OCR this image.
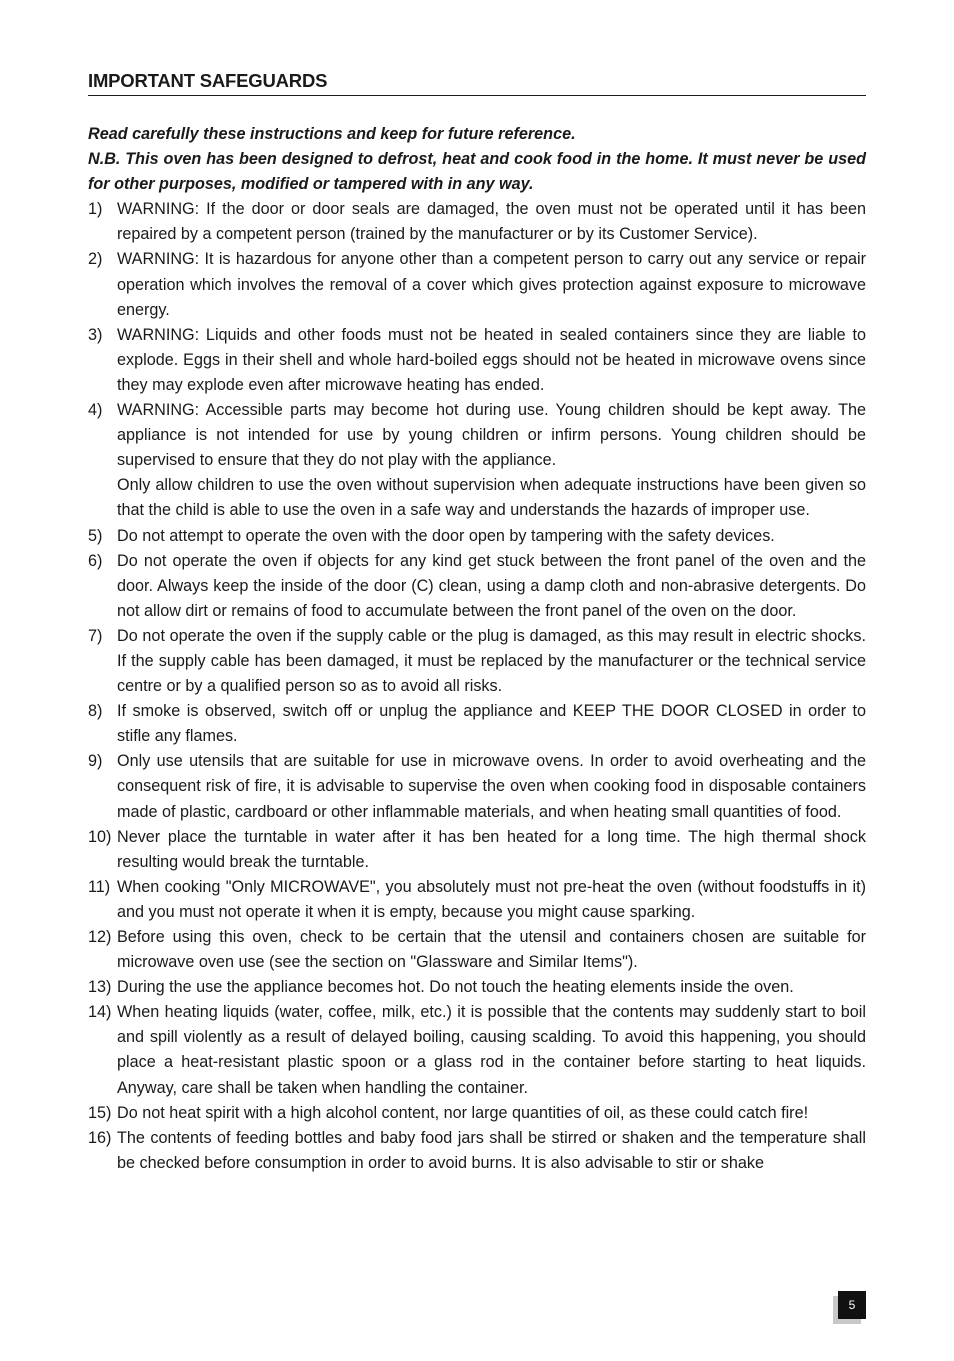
IMPORTANT SAFEGUARDS

Read carefully these instructions and keep for future reference.

N.B. This oven has been designed to defrost, heat and cook food in the home. It must never be used for other purposes, modified or tampered with in any way.

1) WARNING: If the door or door seals are damaged, the oven must not be operated until it has been repaired by a competent person (trained by the manufacturer or by its Customer Service).

2) WARNING: It is hazardous for anyone other than a competent person to carry out any service or repair operation which involves the removal of a cover which gives protection against exposure to microwave energy.

3) WARNING: Liquids and other foods must not be heated in sealed containers since they are liable to explode. Eggs in their shell and whole hard-boiled eggs should not be heated in microwave ovens since they may explode even after microwave heating has ended.

4) WARNING: Accessible parts may become hot during use. Young children should be kept away. The appliance is not intended for use by young children or infirm persons. Young children should be supervised to ensure that they do not play with the appliance.

Only allow children to use the oven without supervision when adequate instructions have been given so that the child is able to use the oven in a safe way and understands the hazards of improper use.

5) Do not attempt to operate the oven with the door open by tampering with the safety devices.

6) Do not operate the oven if objects for any kind get stuck between the front panel of the oven and the door. Always keep the inside of the door (C) clean, using a damp cloth and non-abrasive detergents. Do not allow dirt or remains of food to accumulate between the front panel of the oven on the door.

7) Do not operate the oven if the supply cable or the plug is damaged, as this may result in electric shocks. If the supply cable has been damaged, it must be replaced by the manufacturer or the technical service centre or by a qualified person so as to avoid all risks.

8) If smoke is observed, switch off or unplug the appliance and KEEP THE DOOR CLOSED in order to stifle any flames.

9) Only use utensils that are suitable for use in microwave ovens. In order to avoid overheating and the consequent risk of fire, it is advisable to supervise the oven when cooking food in disposable containers made of plastic, cardboard or other inflammable materials, and when heating small quantities of food.

10) Never place the turntable in water after it has ben heated for a long time. The high thermal shock resulting would break the turntable.

11) When cooking "Only MICROWAVE", you absolutely must not pre-heat the oven (without foodstuffs in it) and you must not operate it when it is empty, because you might cause sparking.

12) Before using this oven, check to be certain that the utensil and containers chosen are suitable for microwave oven use (see the section on "Glassware and Similar Items").

13) During the use the appliance becomes hot. Do not touch the heating elements inside the oven.

14) When heating liquids (water, coffee, milk, etc.) it is possible that the contents may suddenly start to boil and spill violently as a result of delayed boiling, causing scalding. To avoid this happening, you should place a heat-resistant plastic spoon or a glass rod in the container before starting to heat liquids. Anyway, care shall be taken when handling the container.

15) Do not heat spirit with a high alcohol content, nor large quantities of oil, as these could catch fire!

16) The contents of feeding bottles and baby food jars shall be stirred or shaken and the temperature shall be checked before consumption in order to avoid burns. It is also advisable to stir or shake

5
